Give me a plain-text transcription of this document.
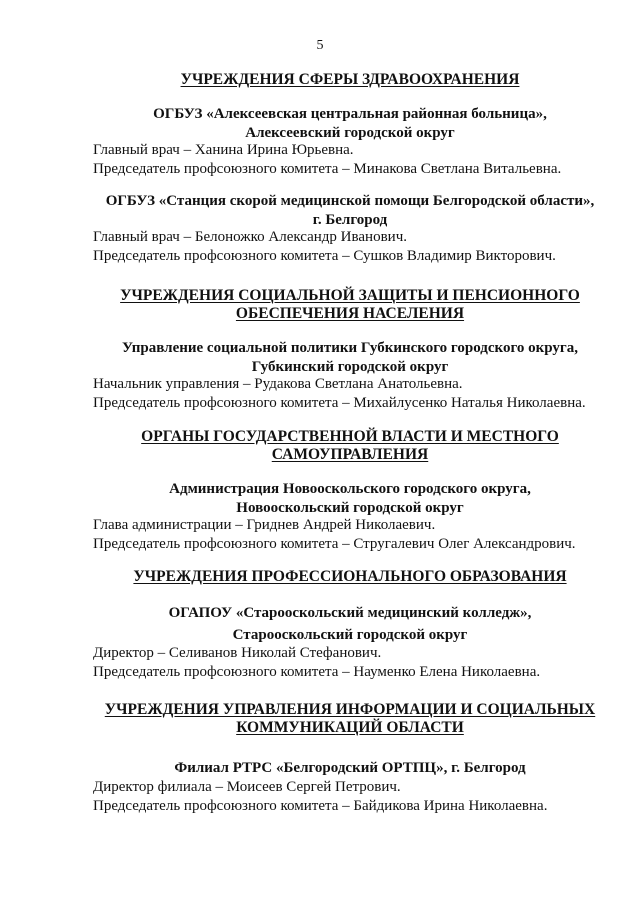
5
УЧРЕЖДЕНИЯ СФЕРЫ ЗДРАВООХРАНЕНИЯ
ОГБУЗ «Алексеевская центральная районная больница»,
Алексеевский городской округ
Главный врач – Ханина Ирина Юрьевна.
Председатель профсоюзного комитета – Минакова Светлана Витальевна.
ОГБУЗ «Станция скорой медицинской помощи Белгородской области»,
г. Белгород
Главный врач – Белоножко Александр Иванович.
Председатель профсоюзного комитета – Сушков Владимир Викторович.
УЧРЕЖДЕНИЯ СОЦИАЛЬНОЙ ЗАЩИТЫ И ПЕНСИОННОГО
ОБЕСПЕЧЕНИЯ НАСЕЛЕНИЯ
Управление социальной политики Губкинского городского округа,
Губкинский городской округ
Начальник управления – Рудакова Светлана Анатольевна.
Председатель профсоюзного комитета – Михайлусенко Наталья Николаевна.
ОРГАНЫ ГОСУДАРСТВЕННОЙ ВЛАСТИ И МЕСТНОГО
САМОУПРАВЛЕНИЯ
Администрация Новооскольского городского округа,
Новооскольский городской округ
Глава администрации – Гриднев Андрей Николаевич.
Председатель профсоюзного комитета – Стругалевич Олег Александрович.
УЧРЕЖДЕНИЯ ПРОФЕССИОНАЛЬНОГО ОБРАЗОВАНИЯ
ОГАПОУ «Старооскольский медицинский колледж»,
Старооскольский городской округ
Директор – Селиванов Николай Стефанович.
Председатель профсоюзного комитета – Науменко Елена Николаевна.
УЧРЕЖДЕНИЯ УПРАВЛЕНИЯ ИНФОРМАЦИИ И СОЦИАЛЬНЫХ
КОММУНИКАЦИЙ ОБЛАСТИ
Филиал РТРС «Белгородский ОРТПЦ», г. Белгород
Директор филиала – Моисеев Сергей Петрович.
Председатель профсоюзного комитета – Байдикова Ирина Николаевна.
